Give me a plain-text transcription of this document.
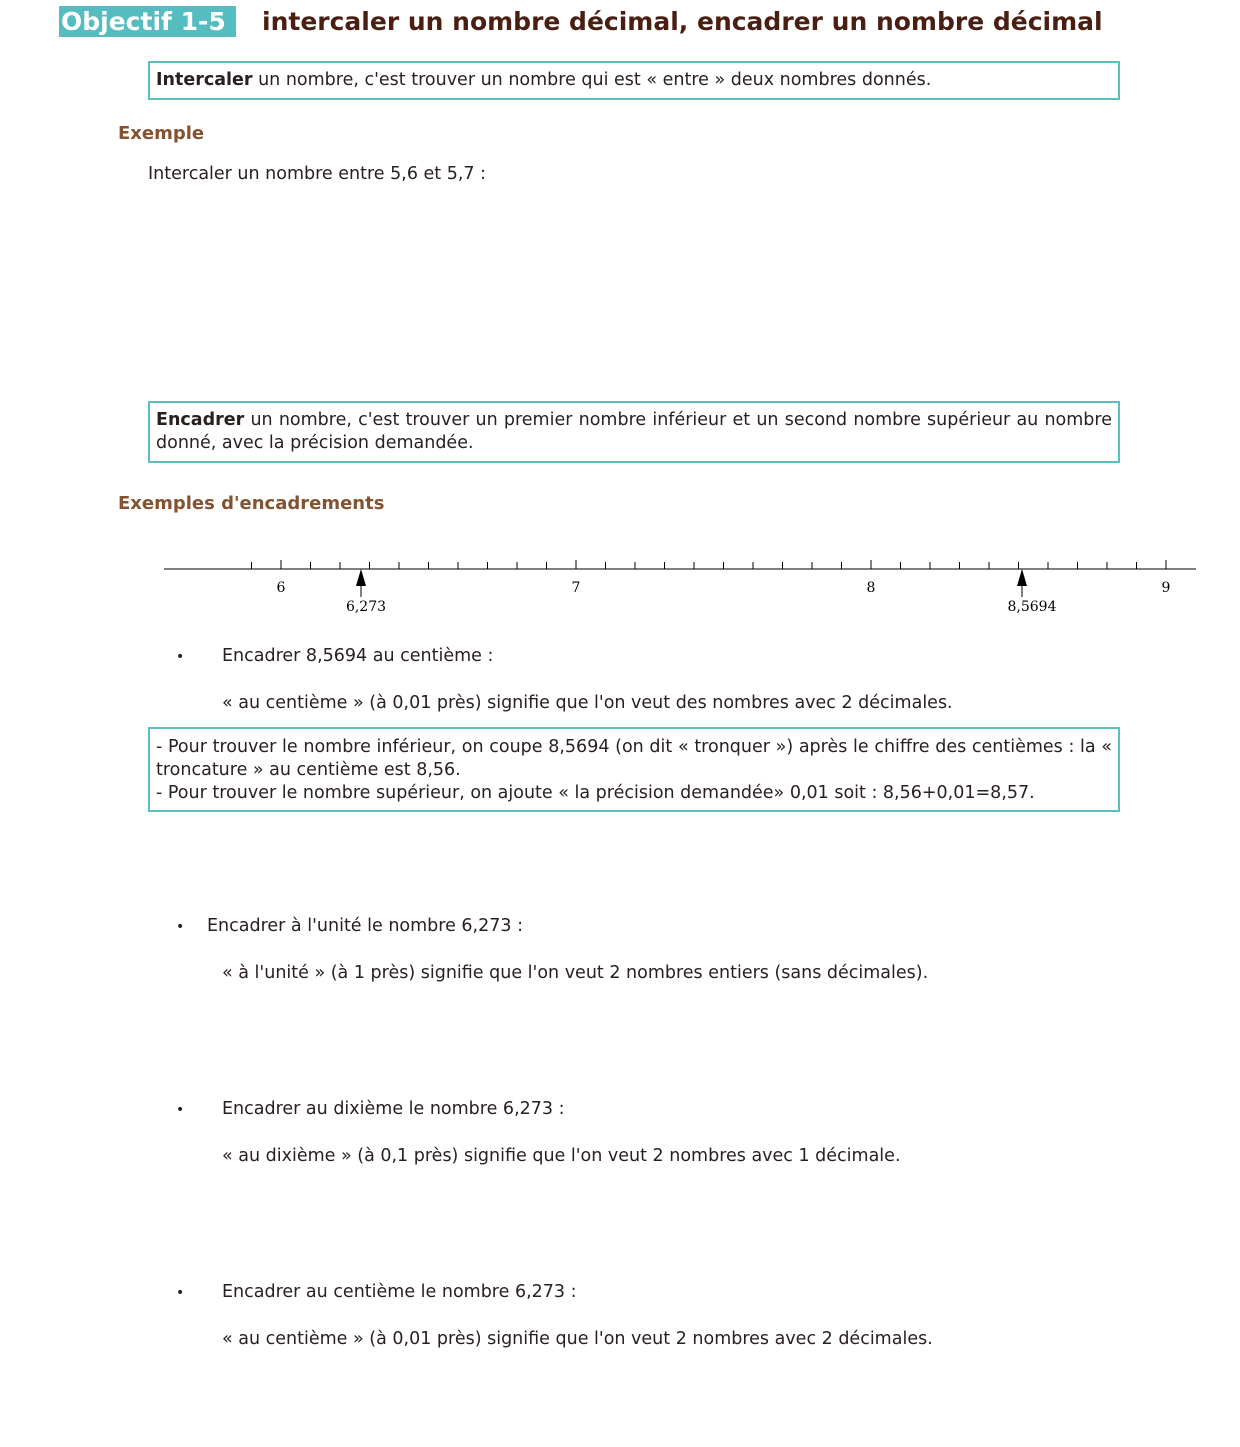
Objectif 1-5	intercaler un nombre décimal, encadrer un nombre décimal
Intercaler un nombre, c'est trouver un nombre qui est « entre » deux nombres donnés.
Exemple
Intercaler un nombre entre 5,6 et 5,7 :
Encadrer un nombre, c'est trouver un premier nombre inférieur et un second nombre supérieur au nombre donné, avec la précision demandée.
Exemples d'encadrements
6	7	8	9
6,273	8,5694
• Encadrer 8,5694 au centième :
« au centième » (à 0,01 près) signifie que l'on veut des nombres avec 2 décimales.
- Pour trouver le nombre inférieur, on coupe 8,5694 (on dit « tronquer ») après le chiffre des centièmes : la « troncature » au centième est 8,56.
- Pour trouver le nombre supérieur, on ajoute « la précision demandée» 0,01 soit : 8,56+0,01=8,57.
• Encadrer à l'unité le nombre 6,273 :
« à l'unité » (à 1 près) signifie que l'on veut 2 nombres entiers (sans décimales).
• Encadrer au dixième le nombre 6,273 :
« au dixième » (à 0,1 près) signifie que l'on veut 2 nombres avec 1 décimale.
• Encadrer au centième le nombre 6,273 :
« au centième » (à 0,01 près) signifie que l'on veut 2 nombres avec 2 décimales.
